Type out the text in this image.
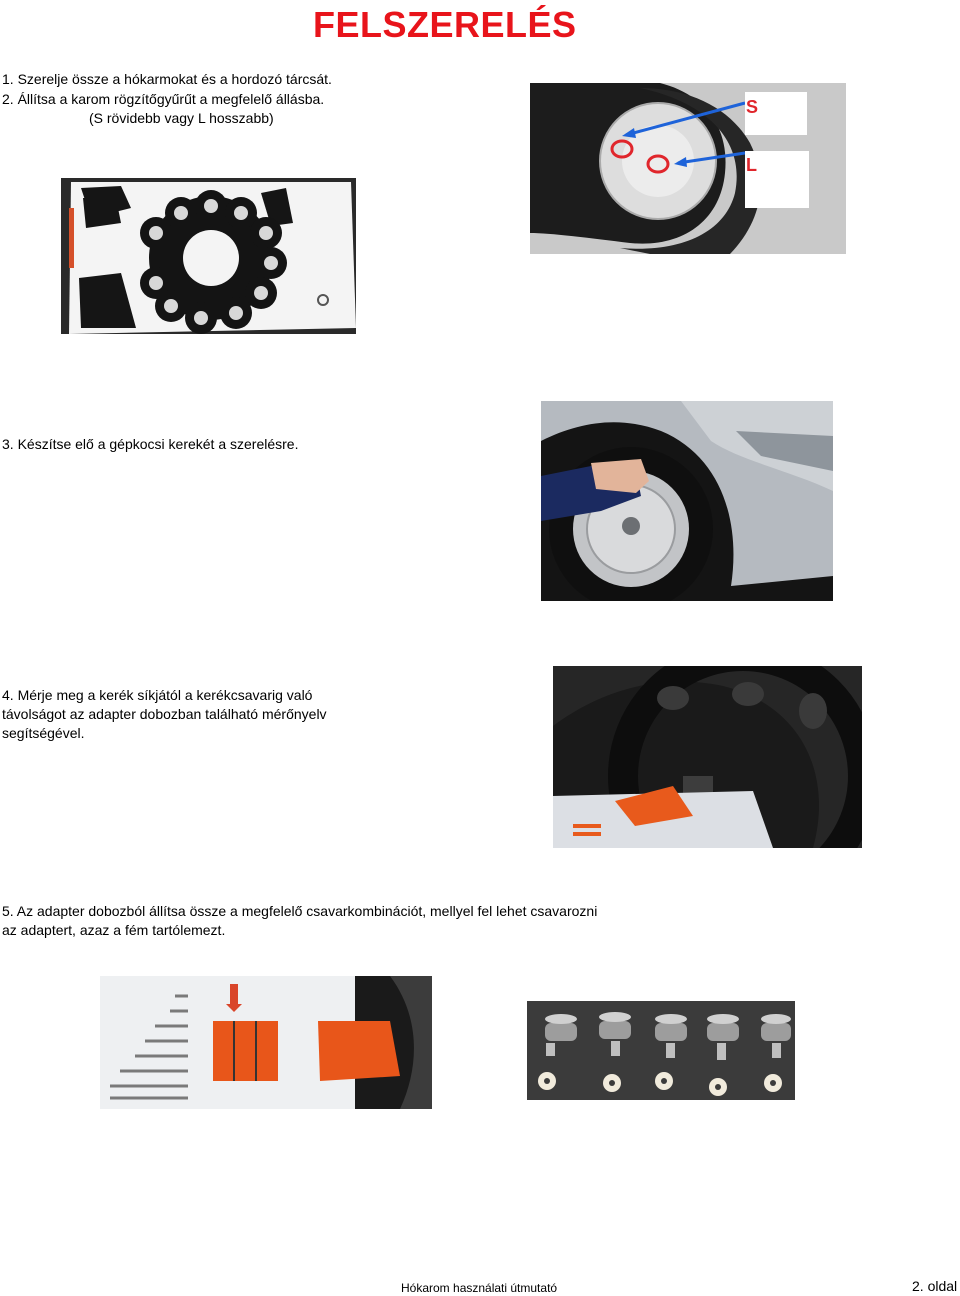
FELSZERELÉS
1. Szerelje össze a hókarmokat és a hordozó tárcsát.
2. Állítsa a karom rögzítőgyűrűt a megfelelő állásba.
(S rövidebb vagy L hosszabb)
S
L
3. Készítse elő a gépkocsi kerekét a szerelésre.
4. Mérje meg a kerék síkjától a kerékcsavarig való
távolságot az adapter dobozban található mérőnyelv
segítségével.
5. Az adapter dobozból állítsa össze a megfelelő csavarkombinációt, mellyel fel lehet csavarozni
az adaptert, azaz a fém tartólemezt.
Hókarom használati útmutató	2. oldal
